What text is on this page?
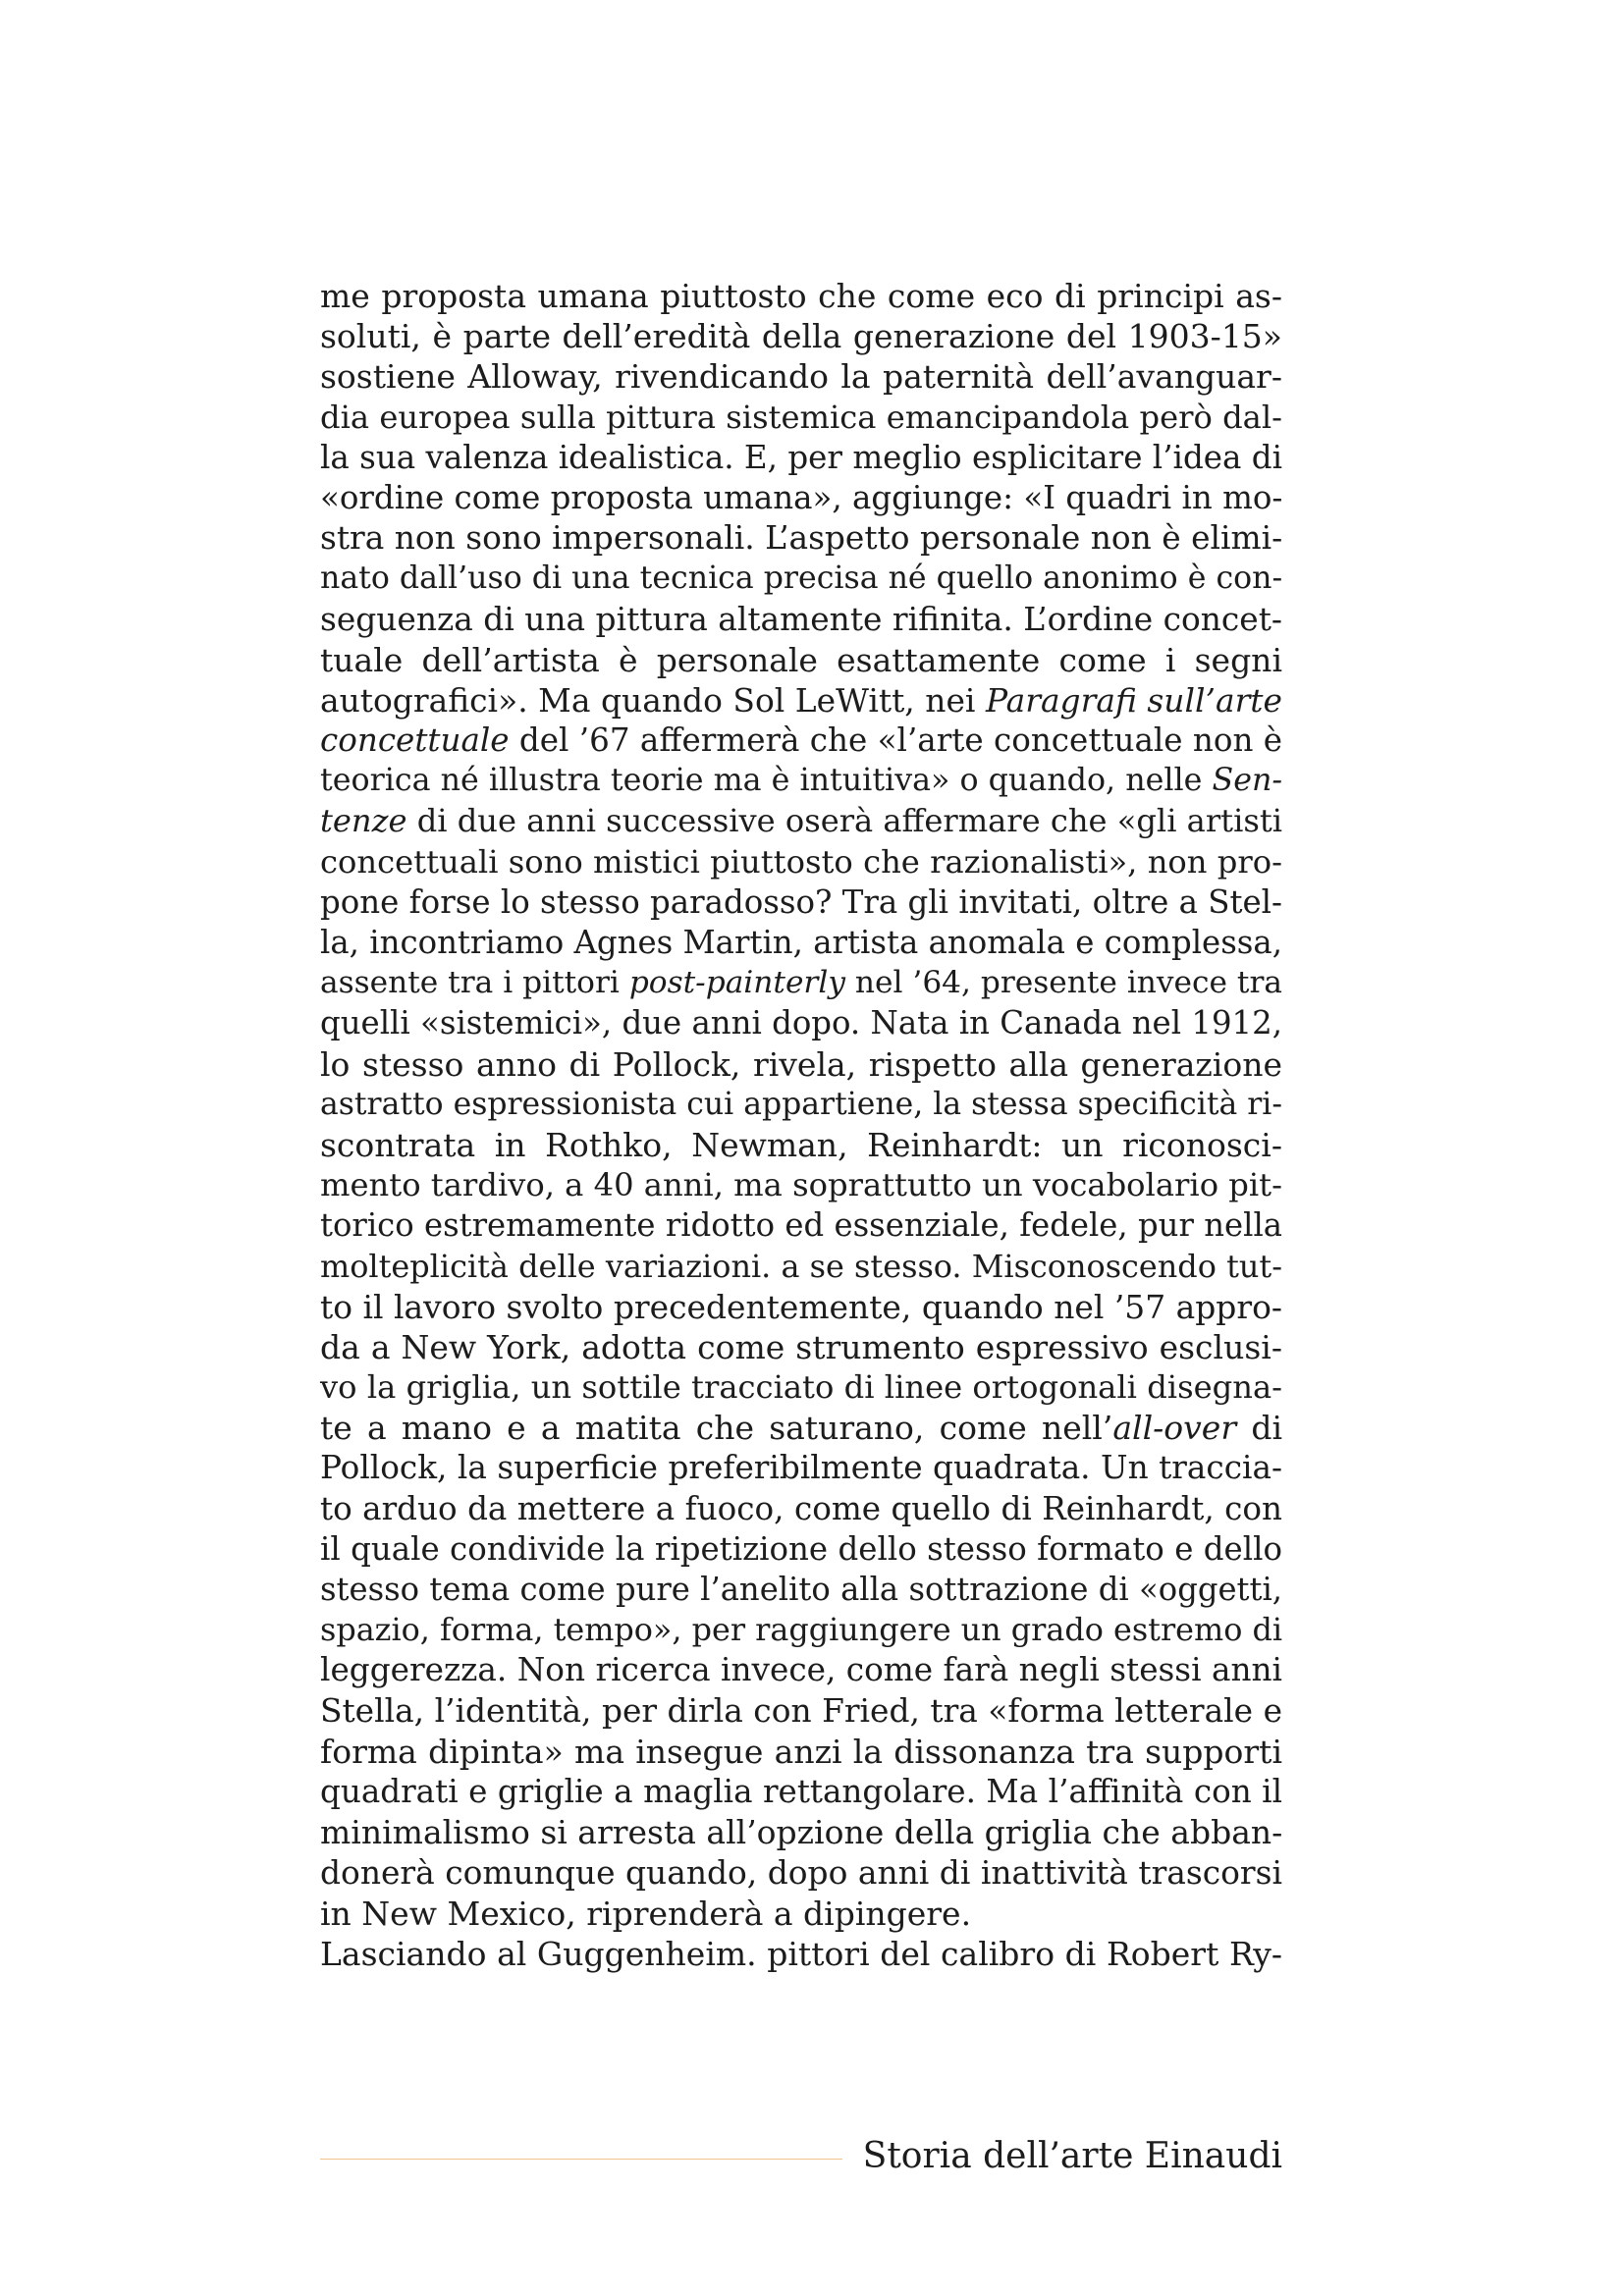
me proposta umana piuttosto che come eco di principi as-
soluti, è parte dell’eredità della generazione del 1903-15»
sostiene Alloway, rivendicando la paternità dell’avanguar-
dia europea sulla pittura sistemica emancipandola però dal-
la sua valenza idealistica. E, per meglio esplicitare l’idea di
«ordine come proposta umana», aggiunge: «I quadri in mo-
stra non sono impersonali. L’aspetto personale non è elimi-
nato dall’uso di una tecnica precisa né quello anonimo è con-
seguenza di una pittura altamente rifinita. L’ordine concet-
tuale dell’artista è personale esattamente come i segni
autografici». Ma quando Sol LeWitt, nei Paragrafi sull’arte
concettuale del ’67 affermerà che «l’arte concettuale non è
teorica né illustra teorie ma è intuitiva» o quando, nelle Sen-
tenze di due anni successive oserà affermare che «gli artisti
concettuali sono mistici piuttosto che razionalisti», non pro-
pone forse lo stesso paradosso? Tra gli invitati, oltre a Stel-
la, incontriamo Agnes Martin, artista anomala e complessa,
assente tra i pittori post-painterly nel ’64, presente invece tra
quelli «sistemici», due anni dopo. Nata in Canada nel 1912,
lo stesso anno di Pollock, rivela, rispetto alla generazione
astratto espressionista cui appartiene, la stessa specificità ri-
scontrata in Rothko, Newman, Reinhardt: un riconosci-
mento tardivo, a 40 anni, ma soprattutto un vocabolario pit-
torico estremamente ridotto ed essenziale, fedele, pur nella
molteplicità delle variazioni. a se stesso. Misconoscendo tut-
to il lavoro svolto precedentemente, quando nel ’57 appro-
da a New York, adotta come strumento espressivo esclusi-
vo la griglia, un sottile tracciato di linee ortogonali disegna-
te a mano e a matita che saturano, come nell’all-over di
Pollock, la superficie preferibilmente quadrata. Un traccia-
to arduo da mettere a fuoco, come quello di Reinhardt, con
il quale condivide la ripetizione dello stesso formato e dello
stesso tema come pure l’anelito alla sottrazione di «oggetti,
spazio, forma, tempo», per raggiungere un grado estremo di
leggerezza. Non ricerca invece, come farà negli stessi anni
Stella, l’identità, per dirla con Fried, tra «forma letterale e
forma dipinta» ma insegue anzi la dissonanza tra supporti
quadrati e griglie a maglia rettangolare. Ma l’affinità con il
minimalismo si arresta all’opzione della griglia che abban-
donerà comunque quando, dopo anni di inattività trascorsi
in New Mexico, riprenderà a dipingere.
Lasciando al Guggenheim. pittori del calibro di Robert Ry-
Storia dell’arte Einaudi
